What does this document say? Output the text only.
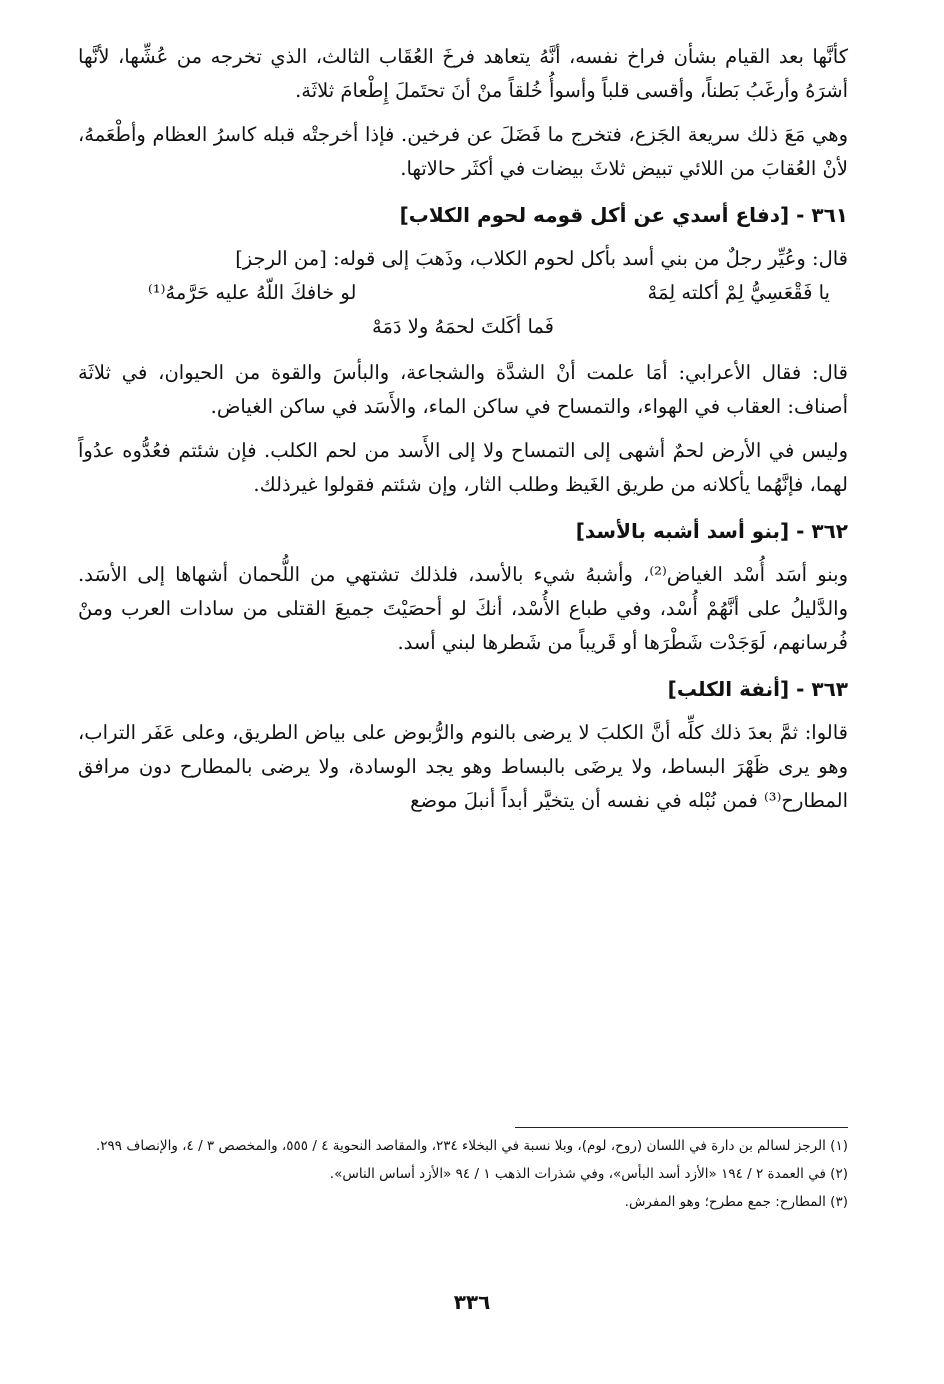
كأنَّها بعد القيام بشأن فراخ نفسه، أنَّهُ يتعاهد فرخَ العُقَاب الثالث، الذي تخرجه من عُشِّها، لأنَّها أشرَهُ وأرغَبُ بَطناً، وأقسى قلباً وأسوأُ خُلقاً منْ أنَ تحتَملَ إِطْعامَ ثلاثَة.

وهي مَعَ ذلك سريعة الجَزع، فتخرج ما فَضَلَ عن فرخين. فإذا أخرجتْه قبله كاسرُ العظام وأطْعَمهُ، لأنْ العُقابَ من اللائي تبيض ثلاثَ بيضات في أكثَر حالاتها.

٣٦١ - [دفاع أسدي عن أكل قومه لحوم الكلاب]

قال: وعُيِّر رجلٌ من بني أسد بأكل لحوم الكلاب، وذَهبَ إلى قوله: [من الرجز]

يا فَقْعَسِيُّ لِمْ أكلته لِمَهْ
لو خافكَ اللّهُ عليه حَرَّمهُ⁽¹⁾
فَما أكَلتَ لحمَهُ ولا دَمَهْ

قال: فقال الأعرابي: أمَا علمت أنْ الشدَّة والشجاعة، والبأسَ والقوة من الحيوان، في ثلاثَة أصناف: العقاب في الهواء، والتمساح في ساكن الماء، والأَسَد في ساكن الغياض.

وليس في الأرض لحمٌ أشهى إلى التمساح ولا إلى الأَسد من لحم الكلب. فإن شئتم فعُدُّوه عدُواً لهما، فإنَّهُما يأكلانه من طريق الغَيظ وطلب الثار، وإن شئتم فقولوا غيرذلك.

٣٦٢ - [بنو أسد أشبه بالأسد]

وبنو أسَد أُسْد الغياض⁽²⁾، وأشبهُ شيء بالأسد، فلذلك تشتهي من اللُّحمان أشهاها إلى الأسَد. والدَّليلُ على أنَّهُمْ أُسْد، وفي طباع الأُسْد، أنكَ لو أحصَيْتَ جميعَ القتلى من سادات العرب ومنْ فُرسانهم، لَوَجَدْت شَطْرَها أو قَريباً من شَطرها لبني أسد.

٣٦٣ - [أنفة الكلب]

قالوا: ثمَّ بعدَ ذلك كلِّه أنَّ الكلبَ لا يرضى بالنوم والرُّبوض على بياض الطريق، وعلى عَفَر التراب، وهو يرى ظَهْرَ البساط، ولا يرضَى بالبساط وهو يجد الوسادة، ولا يرضى بالمطارح دون مرافق المطارح⁽³⁾ فمن نُبْله في نفسه أن يتخيَّر أبداً أنبلَ موضع

(١) الرجز لسالم بن دارة في اللسان (روح، لوم)، وبلا نسبة في البخلاء ٢٣٤، والمقاصد النحوية ٤ / ٥٥٥، والمخصص ٣ / ٤، والإنصاف ٢٩٩.

(٢) في العمدة ٢ / ١٩٤ «الأزد أسد البأس»، وفي شذرات الذهب ١ / ٩٤ «الأزد أساس الناس».

(٣) المطارح: جمع مطرح؛ وهو المفرش.

٣٣٦
